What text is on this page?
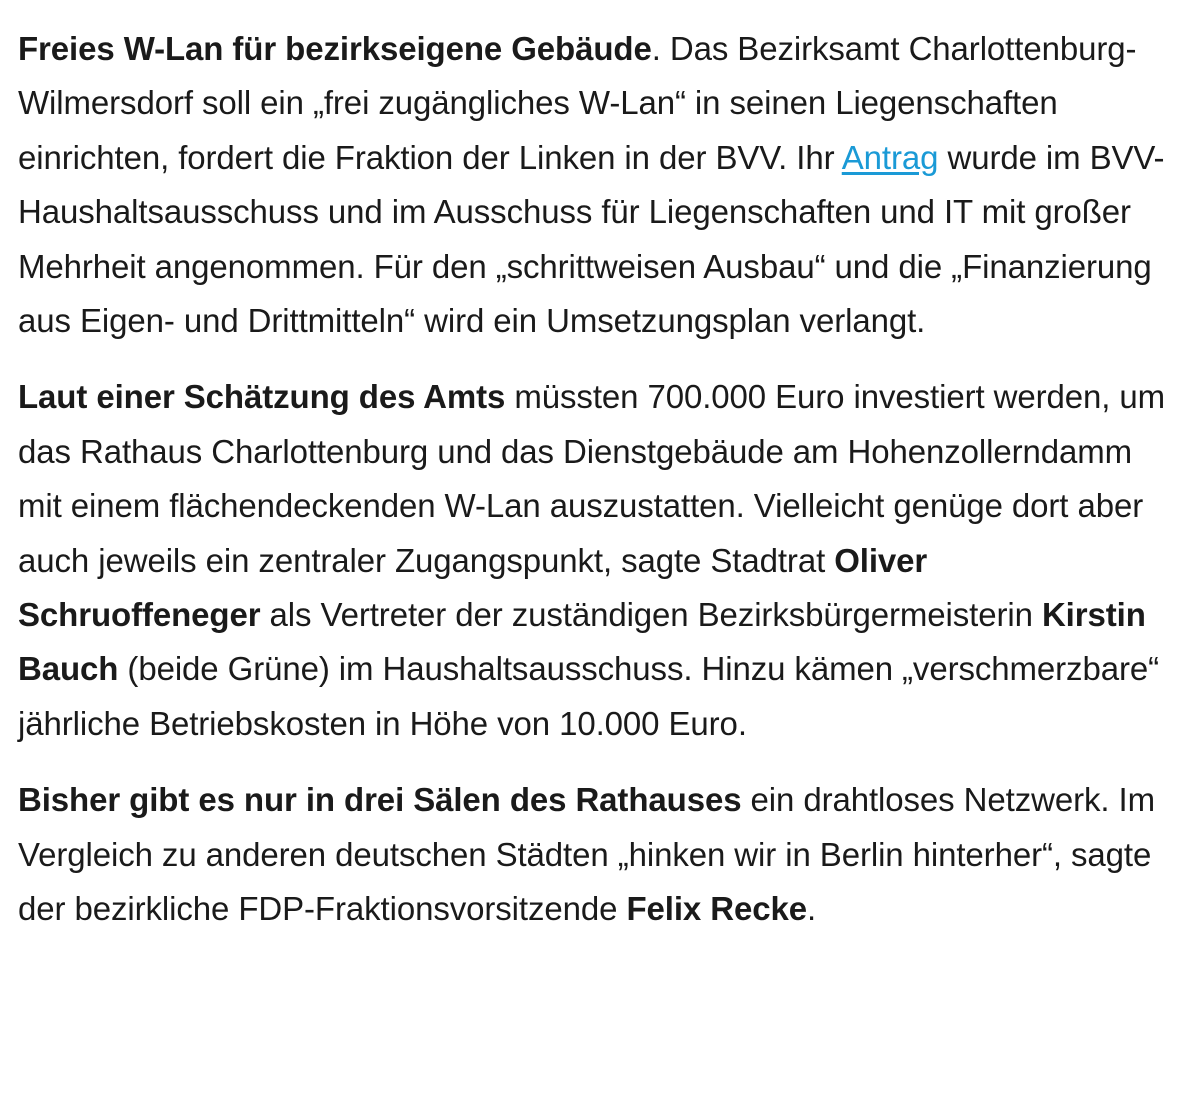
Freies W-Lan für bezirkseigene Gebäude. Das Bezirksamt Charlottenburg-Wilmersdorf soll ein „frei zugängliches W-Lan“ in seinen Liegenschaften einrichten, fordert die Fraktion der Linken in der BVV. Ihr Antrag wurde im BVV-Haushaltsausschuss und im Ausschuss für Liegenschaften und IT mit großer Mehrheit angenommen. Für den „schrittweisen Ausbau“ und die „Finanzierung aus Eigen- und Drittmitteln“ wird ein Umsetzungsplan verlangt.

Laut einer Schätzung des Amts müssten 700.000 Euro investiert werden, um das Rathaus Charlottenburg und das Dienstgebäude am Hohenzollerndamm mit einem flächendeckenden W-Lan auszustatten. Vielleicht genüge dort aber auch jeweils ein zentraler Zugangspunkt, sagte Stadtrat Oliver Schruoffeneger als Vertreter der zuständigen Bezirksbürgermeisterin Kirstin Bauch (beide Grüne) im Haushaltsausschuss. Hinzu kämen „verschmerzbare“ jährliche Betriebskosten in Höhe von 10.000 Euro.

Bisher gibt es nur in drei Sälen des Rathauses ein drahtloses Netzwerk. Im Vergleich zu anderen deutschen Städten „hinken wir in Berlin hinterher“, sagte der bezirkliche FDP-Fraktionsvorsitzende Felix Recke.
